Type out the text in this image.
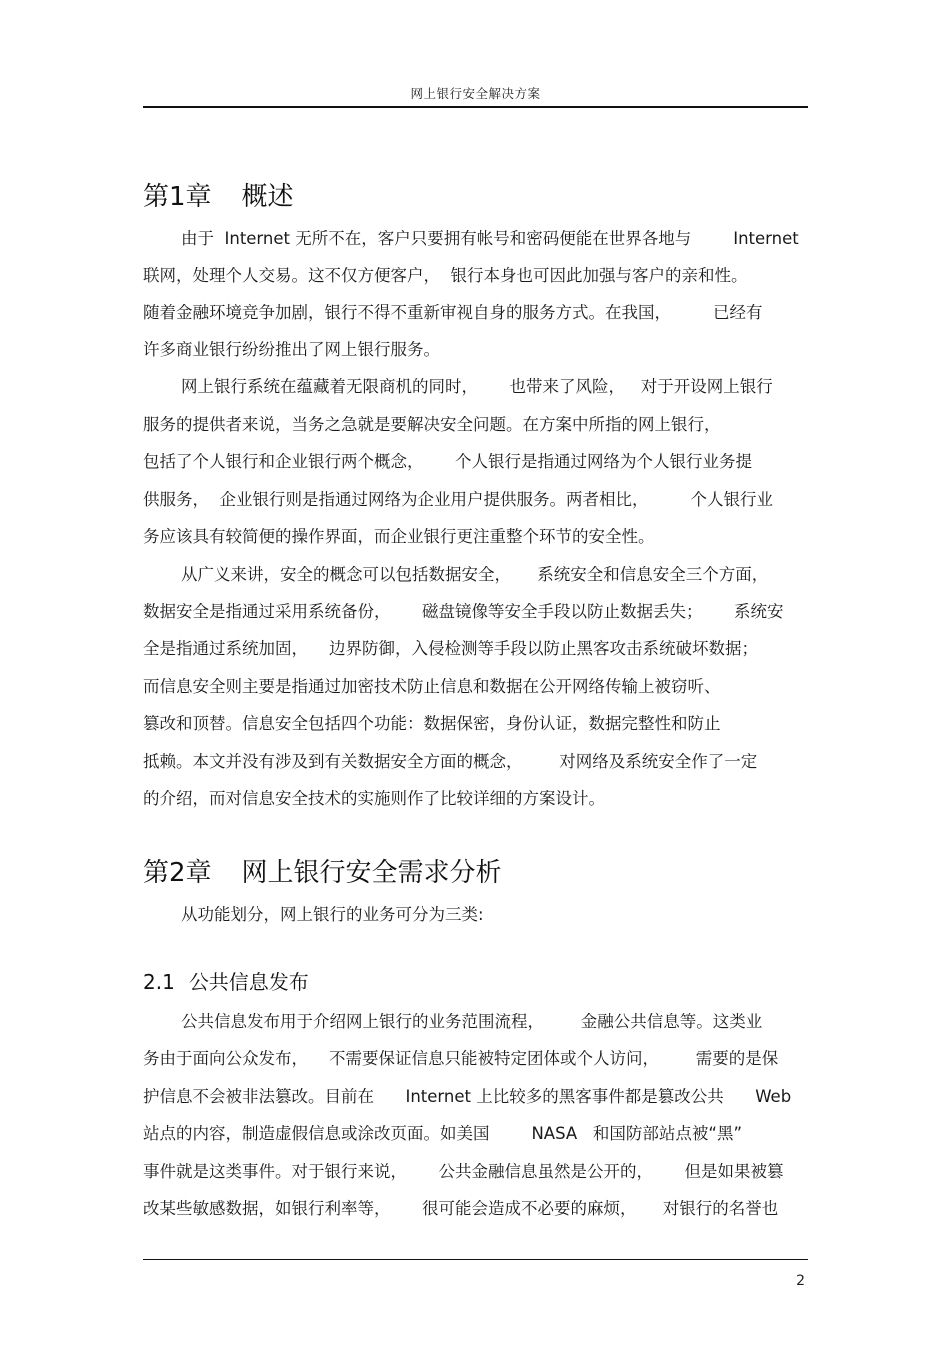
网上银行安全解决方案
第1章 概述
由于  Internet 无所不在，客户只要拥有帐号和密码便能在世界各地与        Internet
联网，处理个人交易。这不仅方便客户，  银行本身也可因此加强与客户的亲和性。
随着金融环境竞争加剧，银行不得不重新审视自身的服务方式。在我国，        已经有
许多商业银行纷纷推出了网上银行服务。
网上银行系统在蕴藏着无限商机的同时，      也带来了风险，   对于开设网上银行
服务的提供者来说，当务之急就是要解决安全问题。在方案中所指的网上银行，
包括了个人银行和企业银行两个概念，      个人银行是指通过网络为个人银行业务提
供服务，  企业银行则是指通过网络为企业用户提供服务。两者相比，        个人银行业
务应该具有较简便的操作界面，而企业银行更注重整个环节的安全性。
从广义来讲，安全的概念可以包括数据安全，     系统安全和信息安全三个方面，
数据安全是指通过采用系统备份，      磁盘镜像等安全手段以防止数据丢失；      系统安
全是指通过系统加固，    边界防御，入侵检测等手段以防止黑客攻击系统破坏数据；
而信息安全则主要是指通过加密技术防止信息和数据在公开网络传输上被窃听、
篡改和顶替。信息安全包括四个功能：数据保密，身份认证，数据完整性和防止
抵赖。本文并没有涉及到有关数据安全方面的概念，       对网络及系统安全作了一定
的介绍，而对信息安全技术的实施则作了比较详细的方案设计。
第2章 网上银行安全需求分析
从功能划分，网上银行的业务可分为三类:
2.1 公共信息发布
公共信息发布用于介绍网上银行的业务范围流程，       金融公共信息等。这类业
务由于面向公众发布，    不需要保证信息只能被特定团体或个人访问，       需要的是保
护信息不会被非法篡改。目前在      Internet 上比较多的黑客事件都是篡改公共      Web
站点的内容，制造虚假信息或涂改页面。如美国        NASA   和国防部站点被“黑”
事件就是这类事件。对于银行来说，      公共金融信息虽然是公开的，      但是如果被篡
改某些敏感数据，如银行利率等，      很可能会造成不必要的麻烦，     对银行的名誉也
2
